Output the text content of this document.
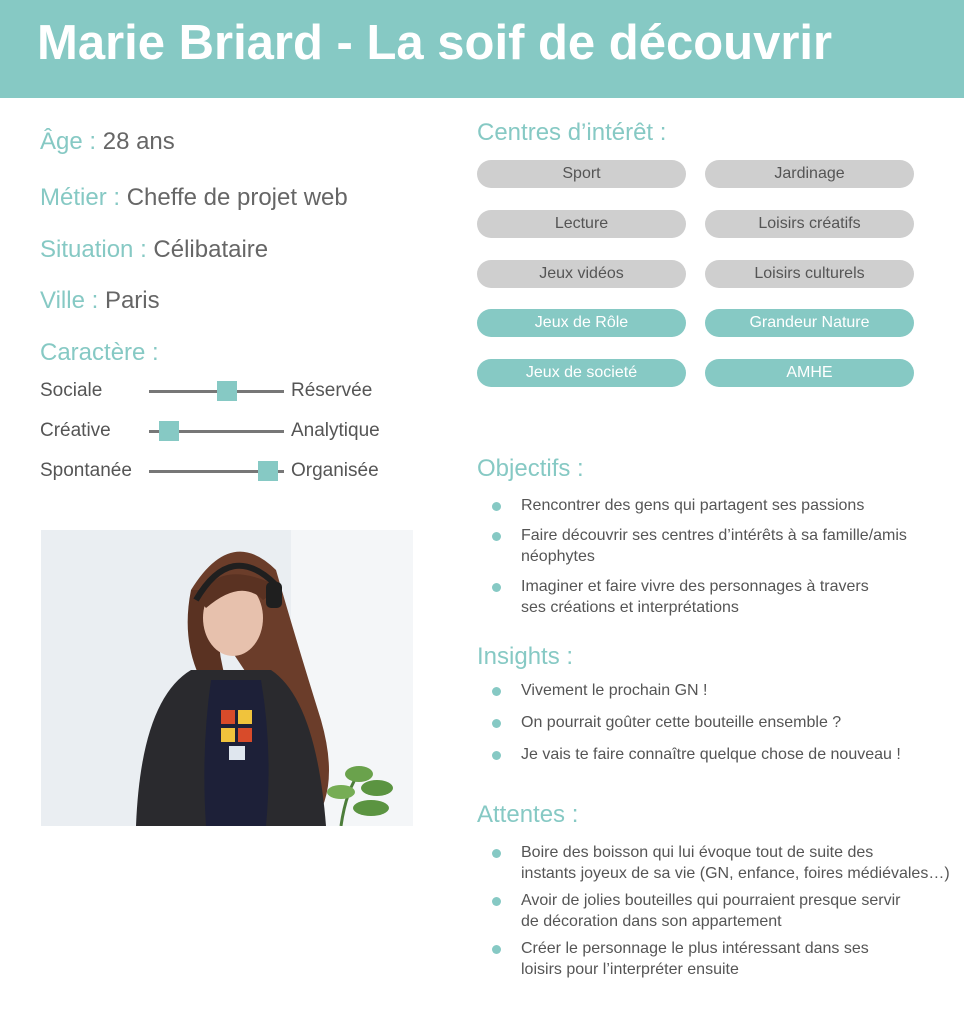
Marie Briard - La soif de découvrir
Âge : 28 ans
Métier : Cheffe de projet web
Situation : Célibataire
Ville : Paris
Caractère :
Sociale	Réservée
Créative	Analytique
Spontanée	Organisée
Centres d’intérêt :
Sport	Jardinage
Lecture	Loisirs créatifs
Jeux vidéos	Loisirs culturels
Jeux de Rôle	Grandeur Nature
Jeux de societé	AMHE
Objectifs :
Rencontrer des gens qui partagent ses passions
Faire découvrir ses centres d’intérêts à sa famille/amis
néophytes
Imaginer et faire vivre des personnages à travers
ses créations et interprétations
Insights :
Vivement le prochain GN !
On pourrait goûter cette bouteille ensemble ?
Je vais te faire connaître quelque chose de nouveau !
Attentes :
Boire des boisson qui lui évoque tout de suite des
instants joyeux de sa vie (GN, enfance, foires médiévales…)
Avoir de jolies bouteilles qui pourraient presque servir
de décoration dans son appartement
Créer le personnage le plus intéressant dans ses
loisirs pour l’interpréter ensuite
